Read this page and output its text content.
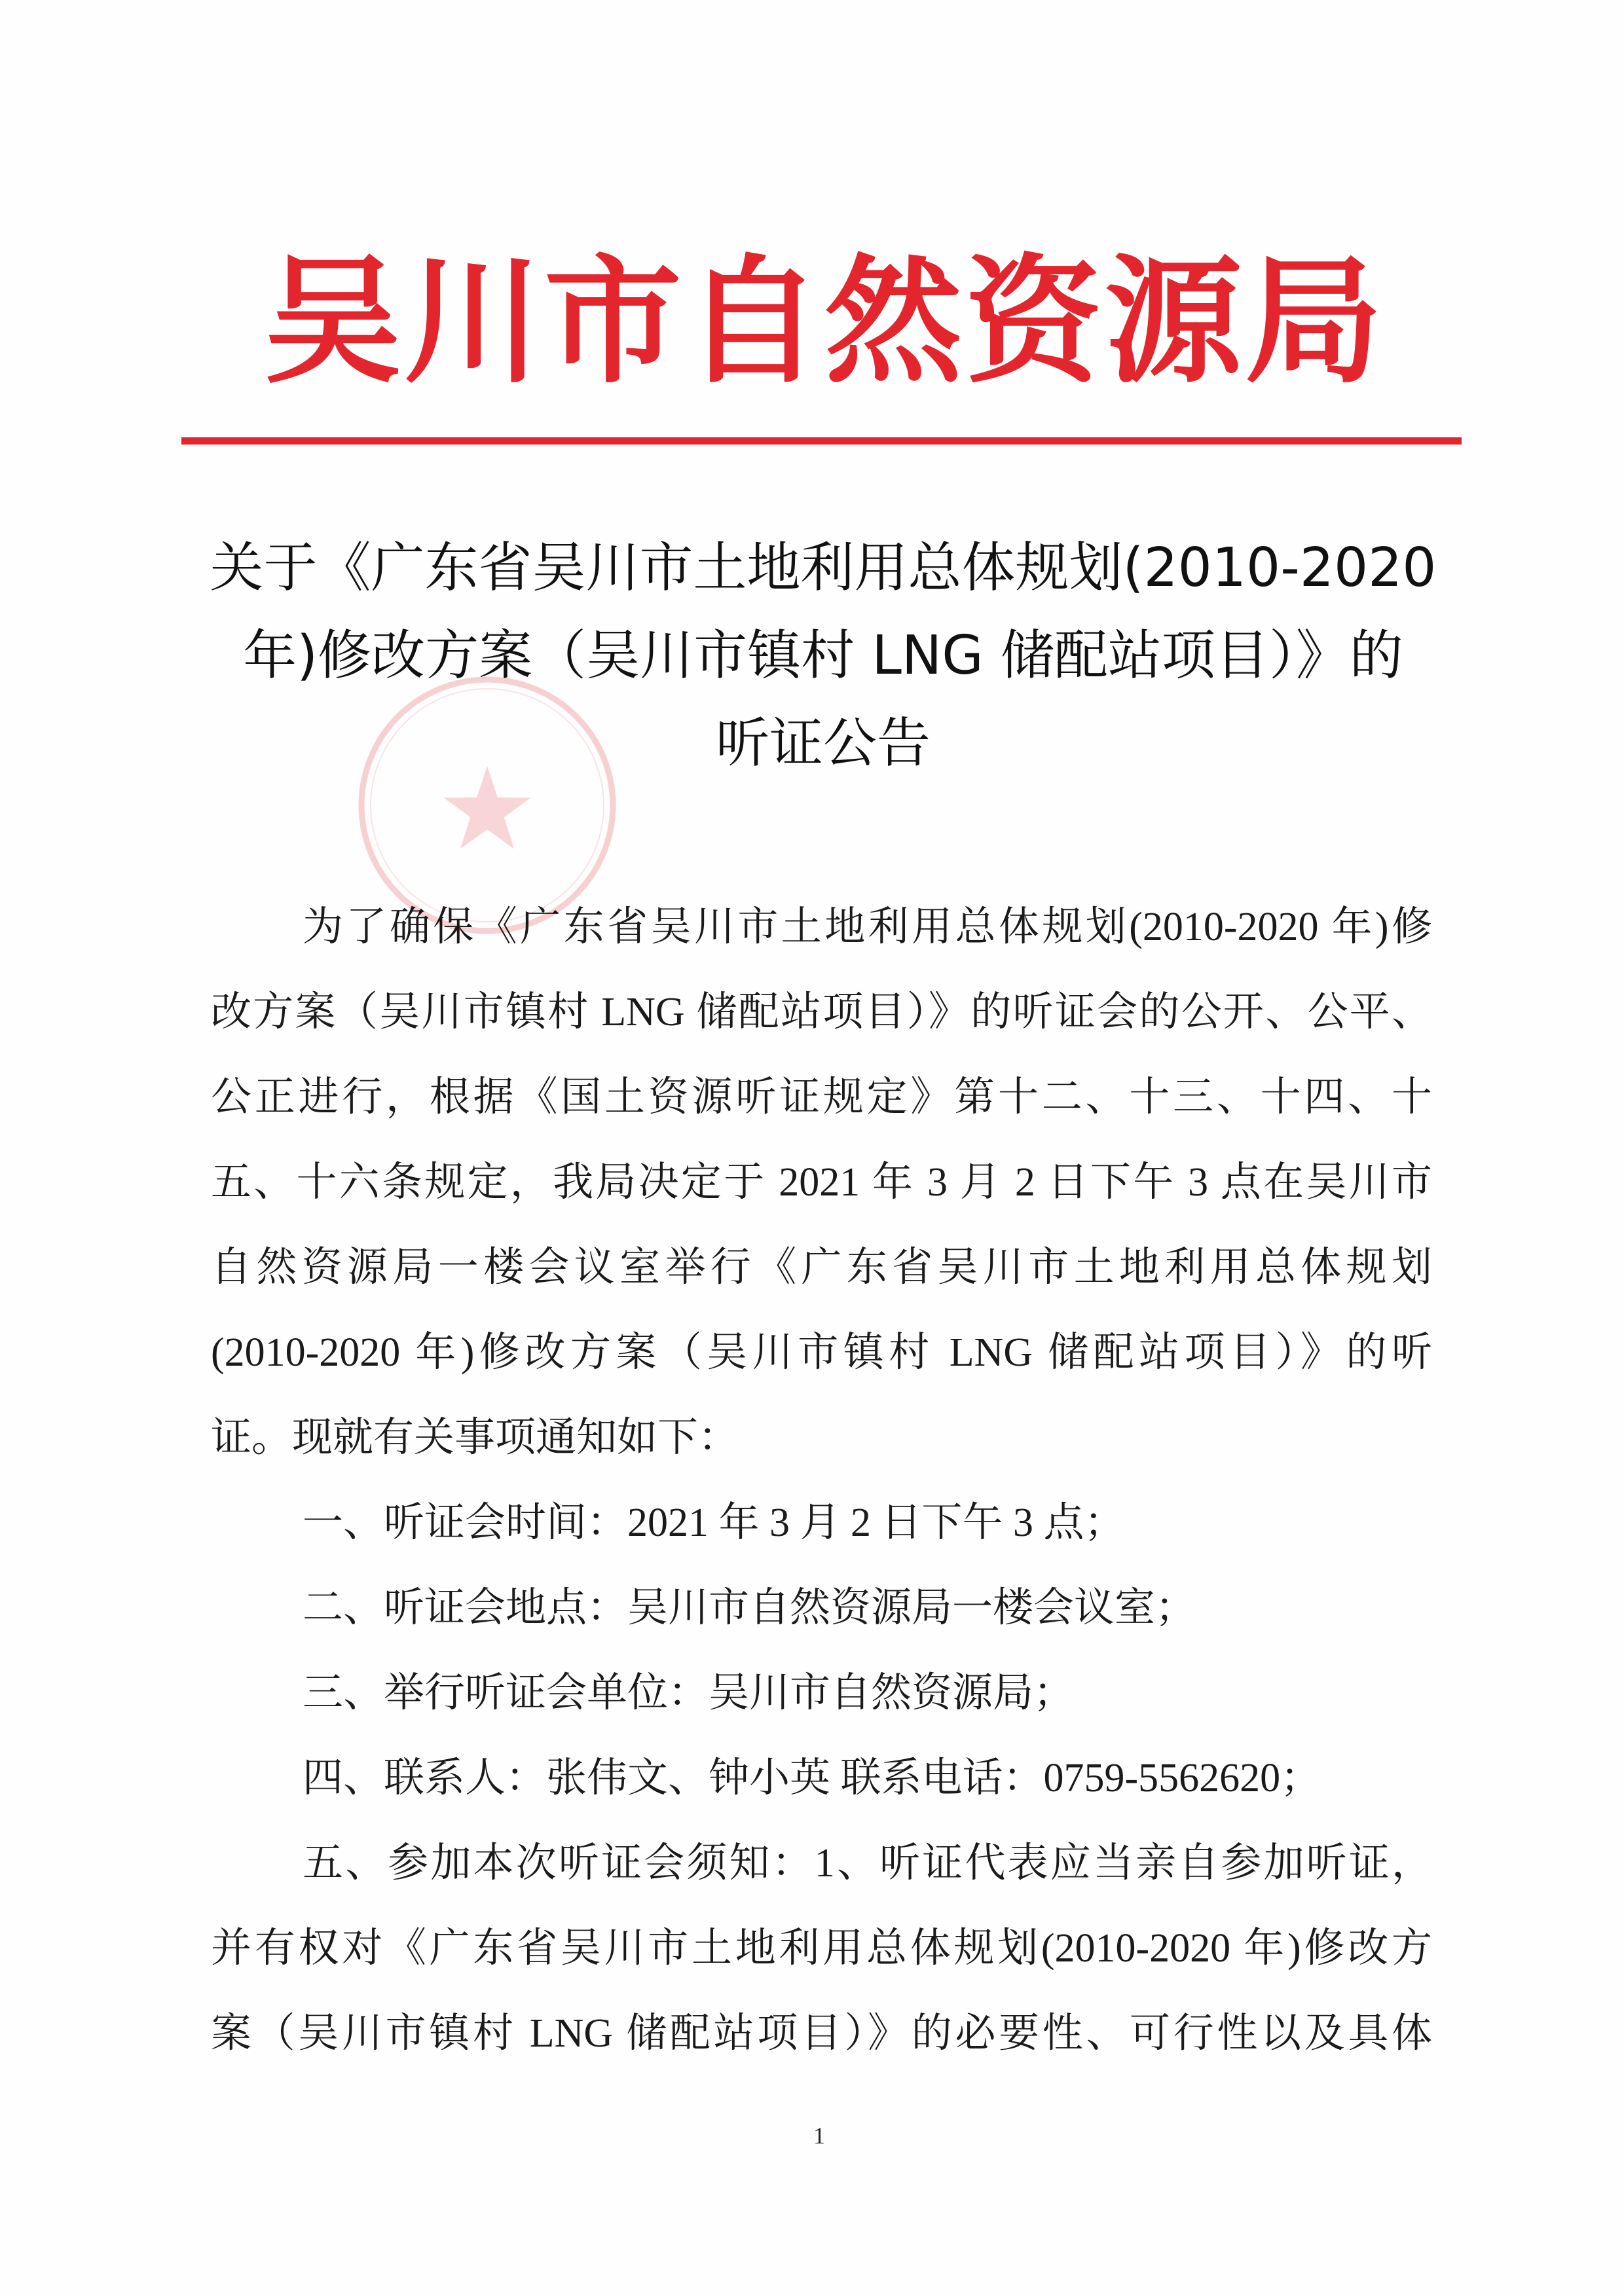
吴川市自然资源局
关于《广东省吴川市土地利用总体规划(2010-2020
年)修改方案（吴川市镇村 LNG 储配站项目）》的
听证公告
为了确保《广东省吴川市土地利用总体规划(2010-2020 年)修
改方案（吴川市镇村 LNG 储配站项目）》的听证会的公开、公平、
公正进行，根据《国土资源听证规定》第十二、十三、十四、十
五、十六条规定，我局决定于 2021 年 3 月 2 日下午 3 点在吴川市
自然资源局一楼会议室举行《广东省吴川市土地利用总体规划
(2010-2020 年)修改方案（吴川市镇村 LNG 储配站项目）》的听
证。现就有关事项通知如下：
一、听证会时间：2021 年 3 月 2 日下午 3 点；
二、听证会地点：吴川市自然资源局一楼会议室；
三、举行听证会单位：吴川市自然资源局；
四、联系人：张伟文、钟小英 联系电话：0759-5562620；
五、参加本次听证会须知：1、听证代表应当亲自参加听证，
并有权对《广东省吴川市土地利用总体规划(2010-2020 年)修改方
案（吴川市镇村 LNG 储配站项目）》的必要性、可行性以及具体
1
